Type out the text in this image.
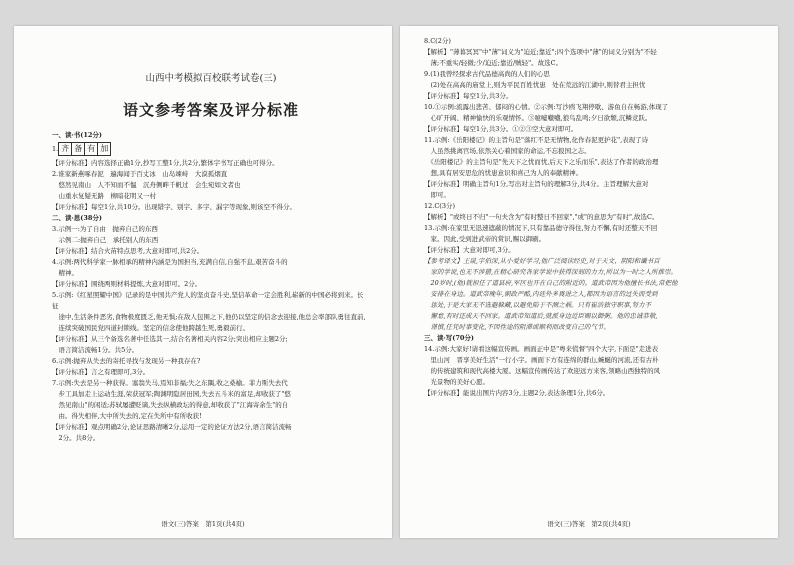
山西中考模拟百校联考试卷(三)
语文参考答案及评分标准
一、读·书(12分)
1. 齐 备 有 加
【评分标准】内容选择正确1分,抄写工整1分,共2分,繁体字书写正确也可得分。
2.谁家新燕啄春泥　遍海闻于百丈冰　山岛竦峙　大漠孤烟直
　悠然见南山　人不知而不愠　沉舟侧畔千帆过　会生宛如文者也
　山重水复疑无路　柳暗花明又一村
【评分标准】每空1分,共10分。出现错字、别字、多字、漏字等现象,则该空不得分。
二、读·思(38分)
3.示例一:为了自由　抛弃自己的东西
　示例二:抛弃自己　承托别人的东西
【评分标准】结合火苗特点思考,大意对即可,共2分。
4.示例:两代科学家一脉相承的精神内涵是为国担当,充满自信,自强不息,艰苦奋斗的
　精神。
【评分标准】围绕两则材料提炼,大意对即可。2分。
5.示例:《红星照耀中国》记录的是中国共产党人的坚贞奋斗史,坚信革命一定会胜利,崭新的中国必将到来。长征
　途中,生活条件恶劣,食物极度匮乏,他无惧;在敌人包围之下,他仍以坚定的信念去迎接,他总会率部队勇往直前,
　连续突破国民党四道封锁线。坚定的信念使他跨越生死,勇毅前行。
【评分标准】从三个备选名著中任选其一,结合名著相关内容2分;突出相应主题2分;
　语言简洁流畅1分。共5分。
6.示例:抛弃从失去的寄托寻找与发现另一种我存在?
【评分标准】言之有理即可,3分。
7.示例:失去是另一种获得。塞翁失马,焉知非福;失之东隅,收之桑榆。菲力斯失去代
　步工具加走上运动生涯,荣获冠军;陶渊明隐居田园,失去五斗米的富足,却收获了"悠
　然见南山"的闲适;苏轼屡遭贬谪,失去纵横政坛的得意,却收获了"江海寄余生"的自
　由。得失相伴,大中所失去的,定在失所中有所收获!
【评分标准】观点明确2分,论证思路清晰2分,运用一定的论证方法2分,语言简洁流畅
　2分。共8分。
语文(三)答案　第1页(共4页)
8.C(2分)
【解析】"薄暮冥冥"中"薄"词义为"迫近;靠近";四个选项中"薄"的词义分别为"不轻
　薄;不重实/轻微;少/迫近;靠近/贼轻"。故选C。
9.(1)我曾经探求古代品德高尚的人们的心思
　(2)处在高高的庙堂上,则为平民百姓忧患　处在荒远的江湖中,则替君主担忧
【评分标准】每空1分,共3分。
10.①示例:流露出悲苦、郁闷的心情。②示例:写沙鸥飞翔停歇、游鱼自在畅游,体现了
　心旷开阔、精神愉快的乐观情怀。③噫嘘嚱嚱,狼鸟乱鸣;夕日欲颓,沉鳞竞跃。
【评分标准】每空1分,共3分。①②③空大意对即可。
11.示例:《岳阳楼记》的主旨句是"落红不是无情物,化作春泥更护花",表现了诗
　人虽然挑离官场,依然关心着国家的命运,不忘报国之志。
　《岳阳楼记》的主旨句是"先天下之忧而忧,后天下之乐而乐",表达了作者的政治理
　想,具有居安思危的忧患意识和喜己为人的奉献精神。
【评分标准】明确主旨句1分,写出对主旨句的理解3分,共4分。主旨理解大意对
　即可。
12.C(3分)
【解析】"或终日不归"一句夫含为"有时整日不回家","或"的意思为"有时",故选C。
13.示例:在家里无迅速遮蔽的情况下,只有靠品德守得住,努力不懈,有时还整天不回
　家。因此,受到进武帝的赏识,赐以御刷。
【评分标准】大意对即可,3分。
【参考译文】王晟,字伯深,从小爱好学习,他广泛阅读经史,对于天文、阴阳和谶书百
　家的学说,也无不涉猎,在精心研究各家学说中获得深刻的力力,所以为一时之人所推崇。
　20岁时,(他)就担任了道县府,军区也开在自己的附近的。道武帝因为他擅长书法,常把他
　安排在身边。道武帝晚年,朝政严酷,内廷外多畏进之人,都因为语言的过失而受到
　惩处,于是大家无不选避躲藏,以避免陷于不测之祸。只有崔浩独守职事,努力不
　懈怠,有时还成天不回家。道武帝知道后,就派身边近臣赐以御粥。他的忠诚恭敬,
　谨慎,任凭时事变化,不因性途的阻滞或顺利而改变自己的气节。
三、读·写(70分)
14.示例:大家好!请看这幅宣传画。画面正中是"粤来慌督"四个大字,下面是"走进表
　里山河　晋享美好生活"一行小字。画面下方有连绵的群山,蜿蜒的河流,还有古朴
　的传统建筑和现代高楼大厦。这幅宣传画传达了欢迎远方来客,领略山西独特的风
　光景物的美好心愿。
【评分标准】能说出图片内容3分,主题2分,表达条理1分,共6分。
语文(三)答案　第2页(共4页)
